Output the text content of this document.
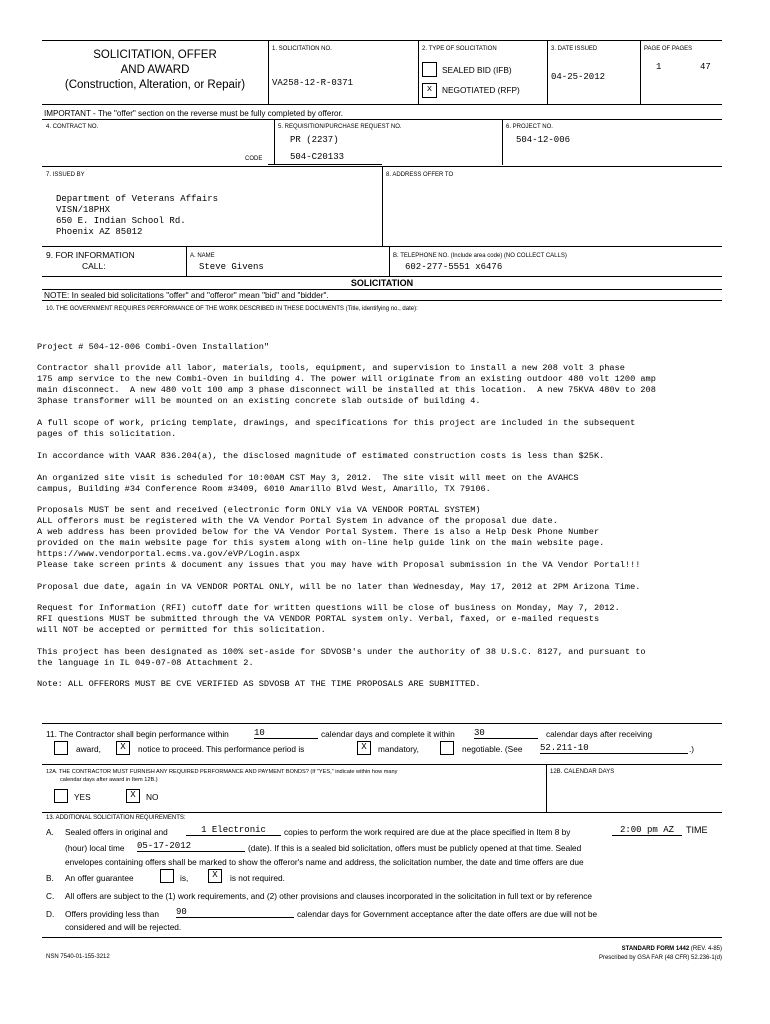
SOLICITATION, OFFER
AND AWARD
(Construction, Alteration, or Repair)
1. SOLICITATION NO.
VA258-12-R-0371
2. TYPE OF SOLICITATION
SEALED BID (IFB)
x	NEGOTIATED (RFP)
3. DATE ISSUED
04-25-2012
PAGE OF PAGES
1	47
IMPORTANT - The "offer" section on the reverse must be fully completed by offeror.
4. CONTRACT NO.	5. REQUISITION/PURCHASE REQUEST NO.
PR (2237)
CODE	504-C20133
6. PROJECT NO.
504-12-006
7. ISSUED BY
Department of Veterans Affairs
VISN/18PHX
650 E. Indian School Rd.
Phoenix AZ 85012
8. ADDRESS OFFER TO
9. FOR INFORMATION
CALL:
A. NAME
Steve Givens
B. TELEPHONE NO. (Include area code) (NO COLLECT CALLS)
602-277-5551 x6476
SOLICITATION
NOTE: In sealed bid solicitations "offer" and "offeror" mean "bid" and "bidder".
10. THE GOVERNMENT REQUIRES PERFORMANCE OF THE WORK DESCRIBED IN THESE DOCUMENTS (Title, identifying no., date):
Project # 504-12-006 Combi-Oven Installation"
Contractor shall provide all labor, materials, tools, equipment, and supervision to install a new 208 volt 3 phase
175 amp service to the new Combi-Oven in building 4. The power will originate from an existing outdoor 480 volt 1200 amp
main disconnect.  A new 480 volt 100 amp 3 phase disconnect will be installed at this location.  A new 75KVA 480v to 208
3phase transformer will be mounted on an existing concrete slab outside of building 4.
A full scope of work, pricing template, drawings, and specifications for this project are included in the subsequent
pages of this solicitation.
In accordance with VAAR 836.204(a), the disclosed magnitude of estimated construction costs is less than $25K.
An organized site visit is scheduled for 10:00AM CST May 3, 2012.  The site visit will meet on the AVAHCS
campus, Building #34 Conference Room #3409, 6010 Amarillo Blvd West, Amarillo, TX 79106.
Proposals MUST be sent and received (electronic form ONLY via VA VENDOR PORTAL SYSTEM)
ALL offerors must be registered with the VA Vendor Portal System in advance of the proposal due date.
A web address has been provided below for the VA Vendor Portal System. There is also a Help Desk Phone Number
provided on the main website page for this system along with on-line help guide link on the main website page.
https://www.vendorportal.ecms.va.gov/eVP/Login.aspx
Please take screen prints & document any issues that you may have with Proposal submission in the VA Vendor Portal!!!
Proposal due date, again in VA VENDOR PORTAL ONLY, will be no later than Wednesday, May 17, 2012 at 2PM Arizona Time.
Request for Information (RFI) cutoff date for written questions will be close of business on Monday, May 7, 2012.
RFI questions MUST be submitted through the VA VENDOR PORTAL system only. Verbal, faxed, or e-mailed requests
will NOT be accepted or permitted for this solicitation.
This project has been designated as 100% set-aside for SDVOSB's under the authority of 38 U.S.C. 8127, and pursuant to
the language in IL 049-07-08 Attachment 2.
Note: ALL OFFERORS MUST BE CVE VERIFIED AS SDVOSB AT THE TIME PROPOSALS ARE SUBMITTED.
11. The Contractor shall begin performance within	10	calendar days and complete it within 30	calendar days after receiving
award,	X	notice to proceed. This performance period is	X	mandatory,	negotiable. (See 52.211-10	.)
12A. THE CONTRACTOR MUST FURNISH ANY REQUIRED PERFORMANCE AND PAYMENT BONDS? (If "YES," indicate within how many
calendar days after award in Item 12B.)
YES	X	NO
12B. CALENDAR DAYS
13. ADDITIONAL SOLICITATION REQUIREMENTS:
A. Sealed offers in original and	1 Electronic	copies to perform the work required are due at the place specified in Item 8 by	2:00 pm AZ	TIME
(hour) local time 05-17-2012	(date). If this is a sealed bid solicitation, offers must be publicly opened at that time. Sealed
envelopes containing offers shall be marked to show the offeror's name and address, the solicitation number, the date and time offers are due
B. An offer guarantee	is,	X	is not required.
C. All offers are subject to the (1) work requirements, and (2) other provisions and clauses incorporated in the solicitation in full text or by reference
D. Offers providing less than 90	calendar days for Government acceptance after the date offers are due will not be
considered and will be rejected.
NSN 7540-01-155-3212
STANDARD FORM 1442 (REV. 4-85)
Prescribed by GSA FAR (48 CFR) 52.236-1(d)
